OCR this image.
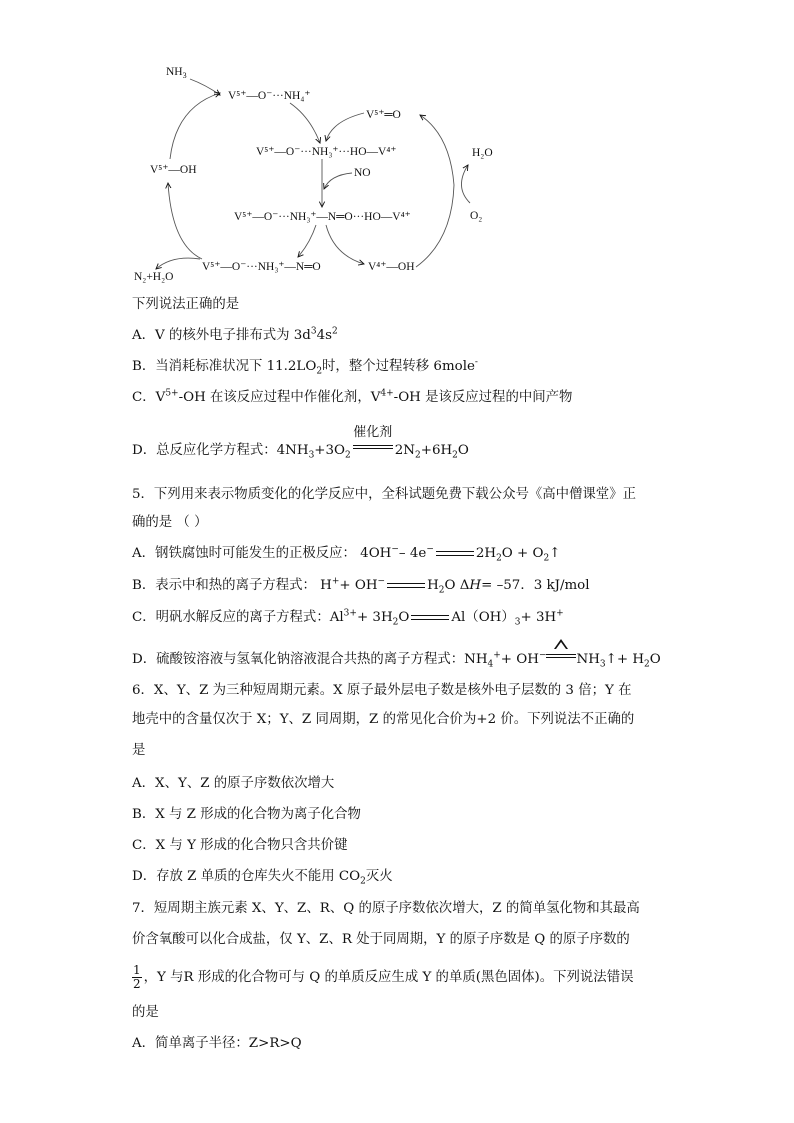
$NH_3$
V⁵⁺—O⁻···NH₄⁺
V⁵⁺═O
V⁵⁺—O⁻···NH₃⁺···HO—V⁴⁺
NO
V⁵⁺—O⁻···NH₃⁺—N═O···HO—V⁴⁺
V⁵⁺—OH
V⁵⁺—O⁻···NH₃⁺—N═O	V⁴⁺—OH
H₂O
O₂
N₂+H₂O
下列说法正确的是
A．V 的核外电子排布式为 $3d^34s^2$
B．当消耗标准状况下 $11.2LO_2$时，整个过程转移 6mole-
C．$V^{5+}-OH$ 在该反应过程中作催化剂，$V^{4+}-OH$ 是该反应过程的中间产物
D．总反应化学方程式：$4NH_3+3O_2$
催化剂
$2N_2+6H_2O$
5．下列用来表示物质变化的化学反应中，全科试题免费下载公众号《高中僧课堂》正
确的是 （ ）
A．钢铁腐蚀时可能发生的正极反应： 4OH−– 4e−	$2H_2O$ + $O_2↑$
B．表示中和热的离子方程式： H++ OH−	$H_2O$ ΔH= –57．3 kJ/mol
C．明矾水解反应的离子方程式：$Al^{3+}+ 3H_2O$	$Al(OH)_3+ 3H^+$
D．硫酸铵溶液与氢氧化钠溶液混合共热的离子方程式：$NH_4^++ OH^-$ $NH_3↑+ H_2O$
6．X、Y、Z 为三种短周期元素。X 原子最外层电子数是核外电子层数的 3 倍；Y 在
地壳中的含量仅次于 X；Y、Z 同周期，Z 的常见化合价为+2 价。下列说法不正确的
是
A．X、Y、Z 的原子序数依次增大
B．X 与 Z 形成的化合物为离子化合物
C．X 与 Y 形成的化合物只含共价键
D．存放 Z 单质的仓库失火不能用 $CO_2$灭火
7．短周期主族元素 X、Y、Z、R、Q 的原子序数依次增大，Z 的简单氢化物和其最高
价含氧酸可以化合成盐，仅 Y、Z、R 处于同周期，Y 的原子序数是 Q 的原子序数的
$\frac{1}{2}$ ，Y 与R 形成的化合物可与 Q 的单质反应生成 Y 的单质(黑色固体)。下列说法错误
的是
A．简单离子半径：Z>R>Q
